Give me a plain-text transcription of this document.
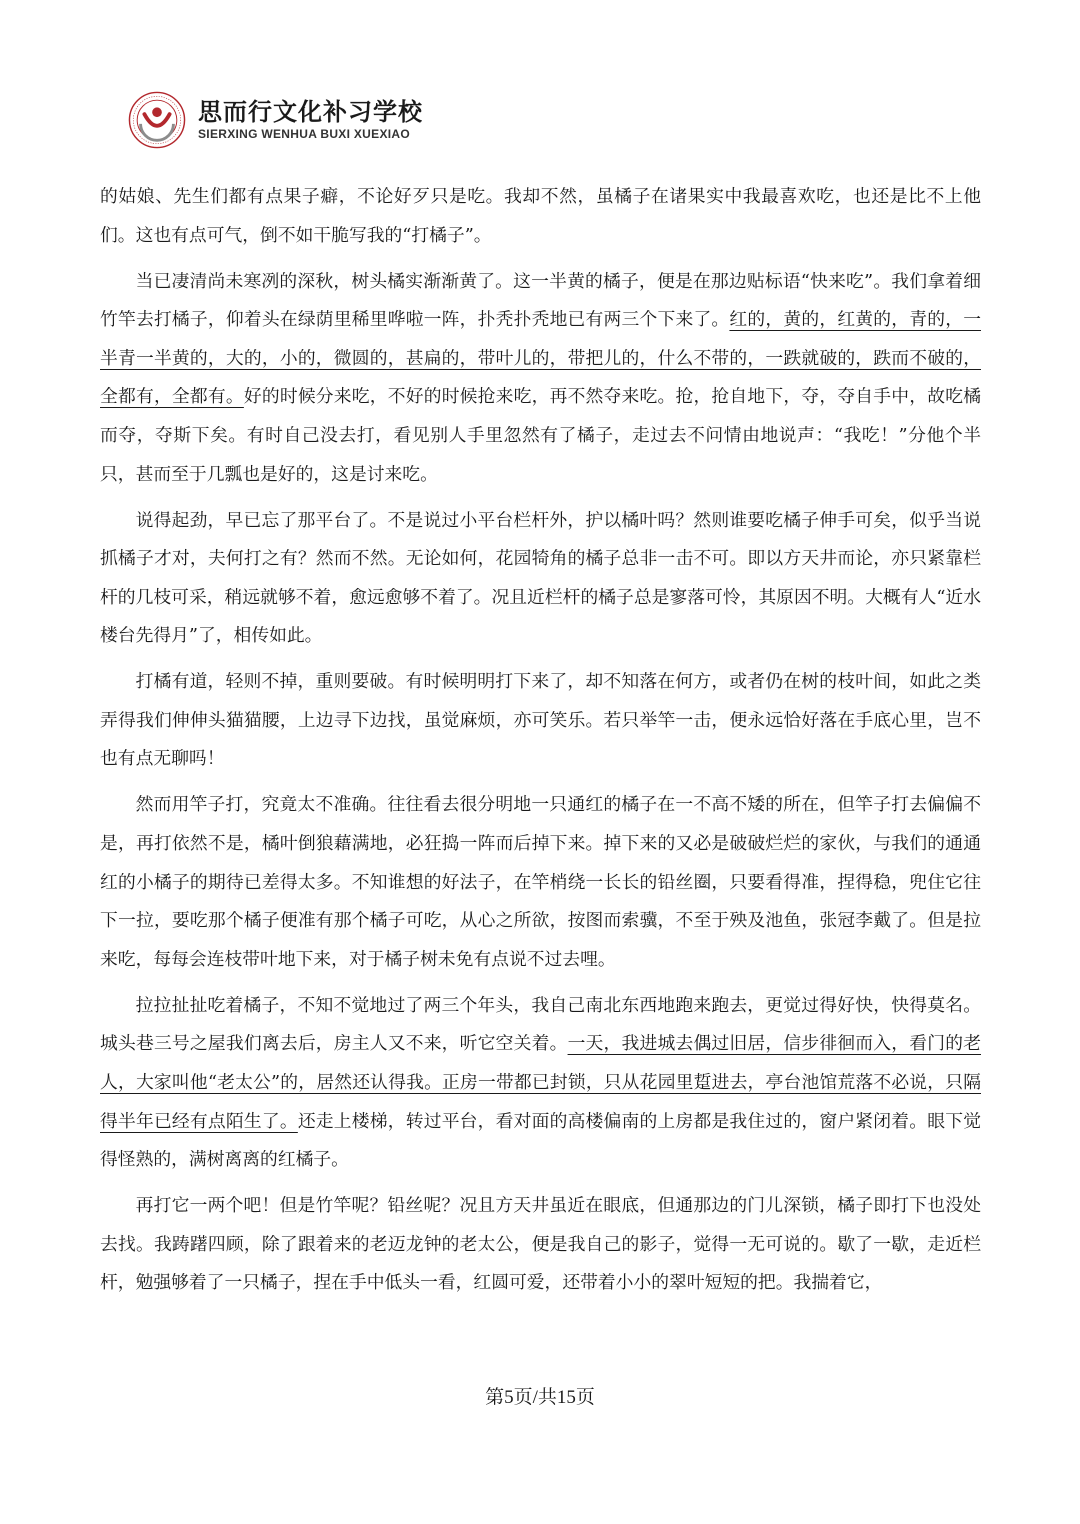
思而行文化补习学校
SIERXING WENHUA BUXI XUEXIAO

的姑娘、先生们都有点果子癖，不论好歹只是吃。我却不然，虽橘子在诸果实中我最喜欢吃，也还是比不上他们。这也有点可气，倒不如干脆写我的“打橘子”。

当已凄清尚未寒冽的深秋，树头橘实渐渐黄了。这一半黄的橘子，便是在那边贴标语“快来吃”。我们拿着细竹竿去打橘子，仰着头在绿荫里稀里哗啦一阵，扑秃扑秃地已有两三个下来了。红的，黄的，红黄的，青的，一半青一半黄的，大的，小的，微圆的，甚扁的，带叶儿的，带把儿的，什么不带的，一跌就破的，跌而不破的，全都有，全都有。好的时候分来吃，不好的时候抢来吃，再不然夺来吃。抢，抢自地下，夺，夺自手中，故吃橘而夺，夺斯下矣。有时自己没去打，看见别人手里忽然有了橘子，走过去不问情由地说声：“我吃！”分他个半只，甚而至于几瓢也是好的，这是讨来吃。

说得起劲，早已忘了那平台了。不是说过小平台栏杆外，护以橘叶吗？然则谁要吃橘子伸手可矣，似乎当说抓橘子才对，夫何打之有？然而不然。无论如何，花园犄角的橘子总非一击不可。即以方天井而论，亦只紧靠栏杆的几枝可采，稍远就够不着，愈远愈够不着了。况且近栏杆的橘子总是寥落可怜，其原因不明。大概有人“近水楼台先得月”了，相传如此。

打橘有道，轻则不掉，重则要破。有时候明明打下来了，却不知落在何方，或者仍在树的枝叶间，如此之类弄得我们伸伸头猫猫腰，上边寻下边找，虽觉麻烦，亦可笑乐。若只举竿一击，便永远恰好落在手底心里，岂不也有点无聊吗！

然而用竿子打，究竟太不准确。往往看去很分明地一只通红的橘子在一不高不矮的所在，但竿子打去偏偏不是，再打依然不是，橘叶倒狼藉满地，必狂捣一阵而后掉下来。掉下来的又必是破破烂烂的家伙，与我们的通通红的小橘子的期待已差得太多。不知谁想的好法子，在竿梢绕一长长的铅丝圈，只要看得准，捏得稳，兜住它往下一拉，要吃那个橘子便准有那个橘子可吃，从心之所欲，按图而索骥，不至于殃及池鱼，张冠李戴了。但是拉来吃，每每会连枝带叶地下来，对于橘子树未免有点说不过去哩。

拉拉扯扯吃着橘子，不知不觉地过了两三个年头，我自己南北东西地跑来跑去，更觉过得好快，快得莫名。城头巷三号之屋我们离去后，房主人又不来，听它空关着。一天，我进城去偶过旧居，信步徘徊而入，看门的老人，大家叫他“老太公”的，居然还认得我。正房一带都已封锁，只从花园里踅进去，亭台池馆荒落不必说，只隔得半年已经有点陌生了。还走上楼梯，转过平台，看对面的高楼偏南的上房都是我住过的，窗户紧闭着。眼下觉得怪熟的，满树离离的红橘子。

再打它一两个吧！但是竹竿呢？铅丝呢？况且方天井虽近在眼底，但通那边的门儿深锁，橘子即打下也没处去找。我踌躇四顾，除了跟着来的老迈龙钟的老太公，便是我自己的影子，觉得一无可说的。歇了一歇，走近栏杆，勉强够着了一只橘子，捏在手中低头一看，红圆可爱，还带着小小的翠叶短短的把。我揣着它，

第5页/共15页
